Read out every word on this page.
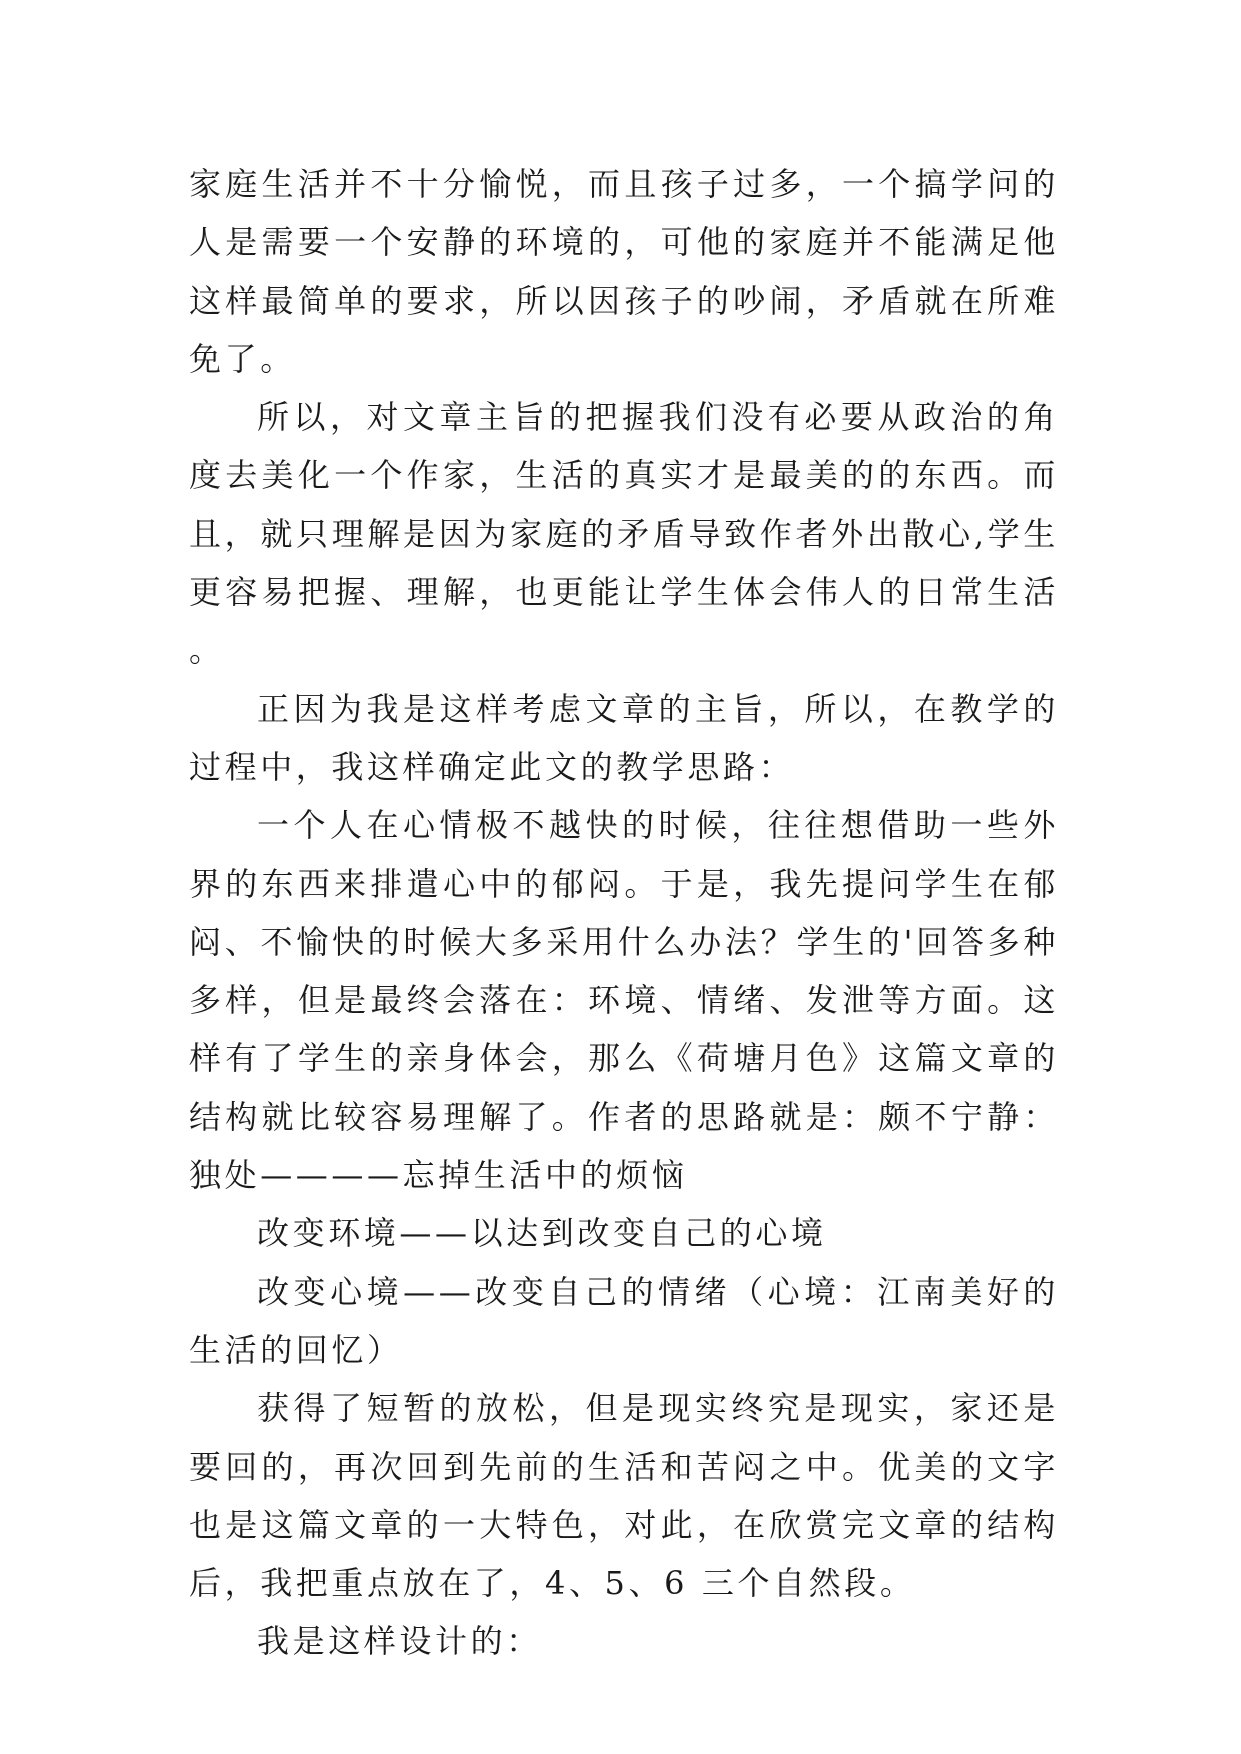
家庭生活并不十分愉悦，而且孩子过多，一个搞学问的人是需要一个安静的环境的，可他的家庭并不能满足他这样最简单的要求，所以因孩子的吵闹，矛盾就在所难免了。

所以，对文章主旨的把握我们没有必要从政治的角度去美化一个作家，生活的真实才是最美的的东西。而且，就只理解是因为家庭的矛盾导致作者外出散心,学生更容易把握、理解，也更能让学生体会伟人的日常生活。

正因为我是这样考虑文章的主旨，所以，在教学的过程中，我这样确定此文的教学思路：

一个人在心情极不越快的时候，往往想借助一些外界的东西来排遣心中的郁闷。于是，我先提问学生在郁闷、不愉快的时候大多采用什么办法？学生的'回答多种多样，但是最终会落在：环境、情绪、发泄等方面。这样有了学生的亲身体会，那么《荷塘月色》这篇文章的结构就比较容易理解了。作者的思路就是：颇不宁静：独处————忘掉生活中的烦恼

改变环境——以达到改变自己的心境

改变心境——改变自己的情绪（心境：江南美好的生活的回忆）

获得了短暂的放松，但是现实终究是现实，家还是要回的，再次回到先前的生活和苦闷之中。优美的文字也是这篇文章的一大特色，对此，在欣赏完文章的结构后，我把重点放在了，4、5、6 三个自然段。

我是这样设计的：
